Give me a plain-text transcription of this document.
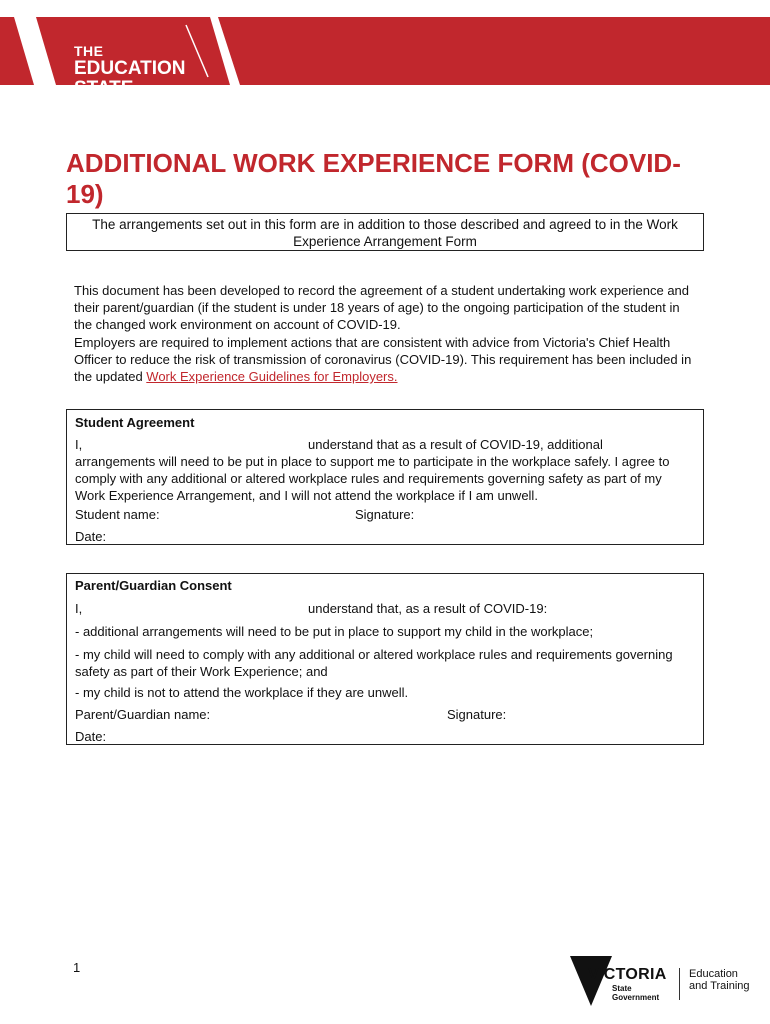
THE
EDUCATION
STATE
ADDITIONAL WORK EXPERIENCE FORM (COVID-19)
The arrangements set out in this form are in addition to those described and agreed to in the Work Experience Arrangement Form

This document has been developed to record the agreement of a student undertaking work experience and their parent/guardian (if the student is under 18 years of age) to the ongoing participation of the student in the changed work environment on account of COVID-19.

Employers are required to implement actions that are consistent with advice from Victoria's Chief Health Officer to reduce the risk of transmission of coronavirus (COVID-19). This requirement has been included in the updated Work Experience Guidelines for Employers.

Student Agreement
I,	understand that as a result of COVID-19, additional
arrangements will need to be put in place to support me to participate in the workplace safely. I agree to comply with any additional or altered workplace rules and requirements governing safety as part of my Work Experience Arrangement, and I will not attend the workplace if I am unwell.
Student name:	Signature:
Date:
Parent/Guardian Consent
I,	understand that, as a result of COVID-19:
- additional arrangements will need to be put in place to support my child in the workplace;
- my child will need to comply with any additional or altered workplace rules and requirements governing safety as part of their Work Experience; and
- my child is not to attend the workplace if they are unwell.
Parent/Guardian name:	Signature:
Date:
1	VICTORIA
State
Government
Education
and Training
